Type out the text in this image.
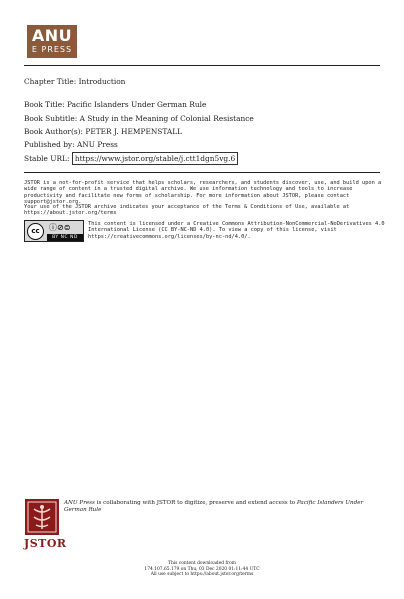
ANU
E PRESS
Chapter Title: Introduction
Book Title: Pacific Islanders Under German Rule
Book Subtitle: A Study in the Meaning of Colonial Resistance
Book Author(s): PETER J. HEMPENSTALL
Published by: ANU Press
Stable URL: https://www.jstor.org/stable/j.ctt1dgn5vg.6
JSTOR is a not-for-profit service that helps scholars, researchers, and students discover, use, and build upon a wide range of content in a trusted digital archive. We use information technology and tools to increase productivity and facilitate new forms of scholarship. For more information about JSTOR, please contact support@jstor.org.
Your use of the JSTOR archive indicates your acceptance of the Terms & Conditions of Use, available at https://about.jstor.org/terms
cc	ⓘ⊘⊜
BY NC ND
This content is licensed under a Creative Commons Attribution-NonCommercial-NoDerivatives 4.0 International License (CC BY-NC-ND 4.0). To view a copy of this license, visit https://creativecommons.org/licenses/by-nc-nd/4.0/.
JSTOR
ANU Press is collaborating with JSTOR to digitize, preserve and extend access to Pacific Islanders Under German Rule
This content downloaded from
174.107.65.179 on Thu, 03 Dec 2020 01:11:44 UTC
All use subject to https://about.jstor.org/terms
